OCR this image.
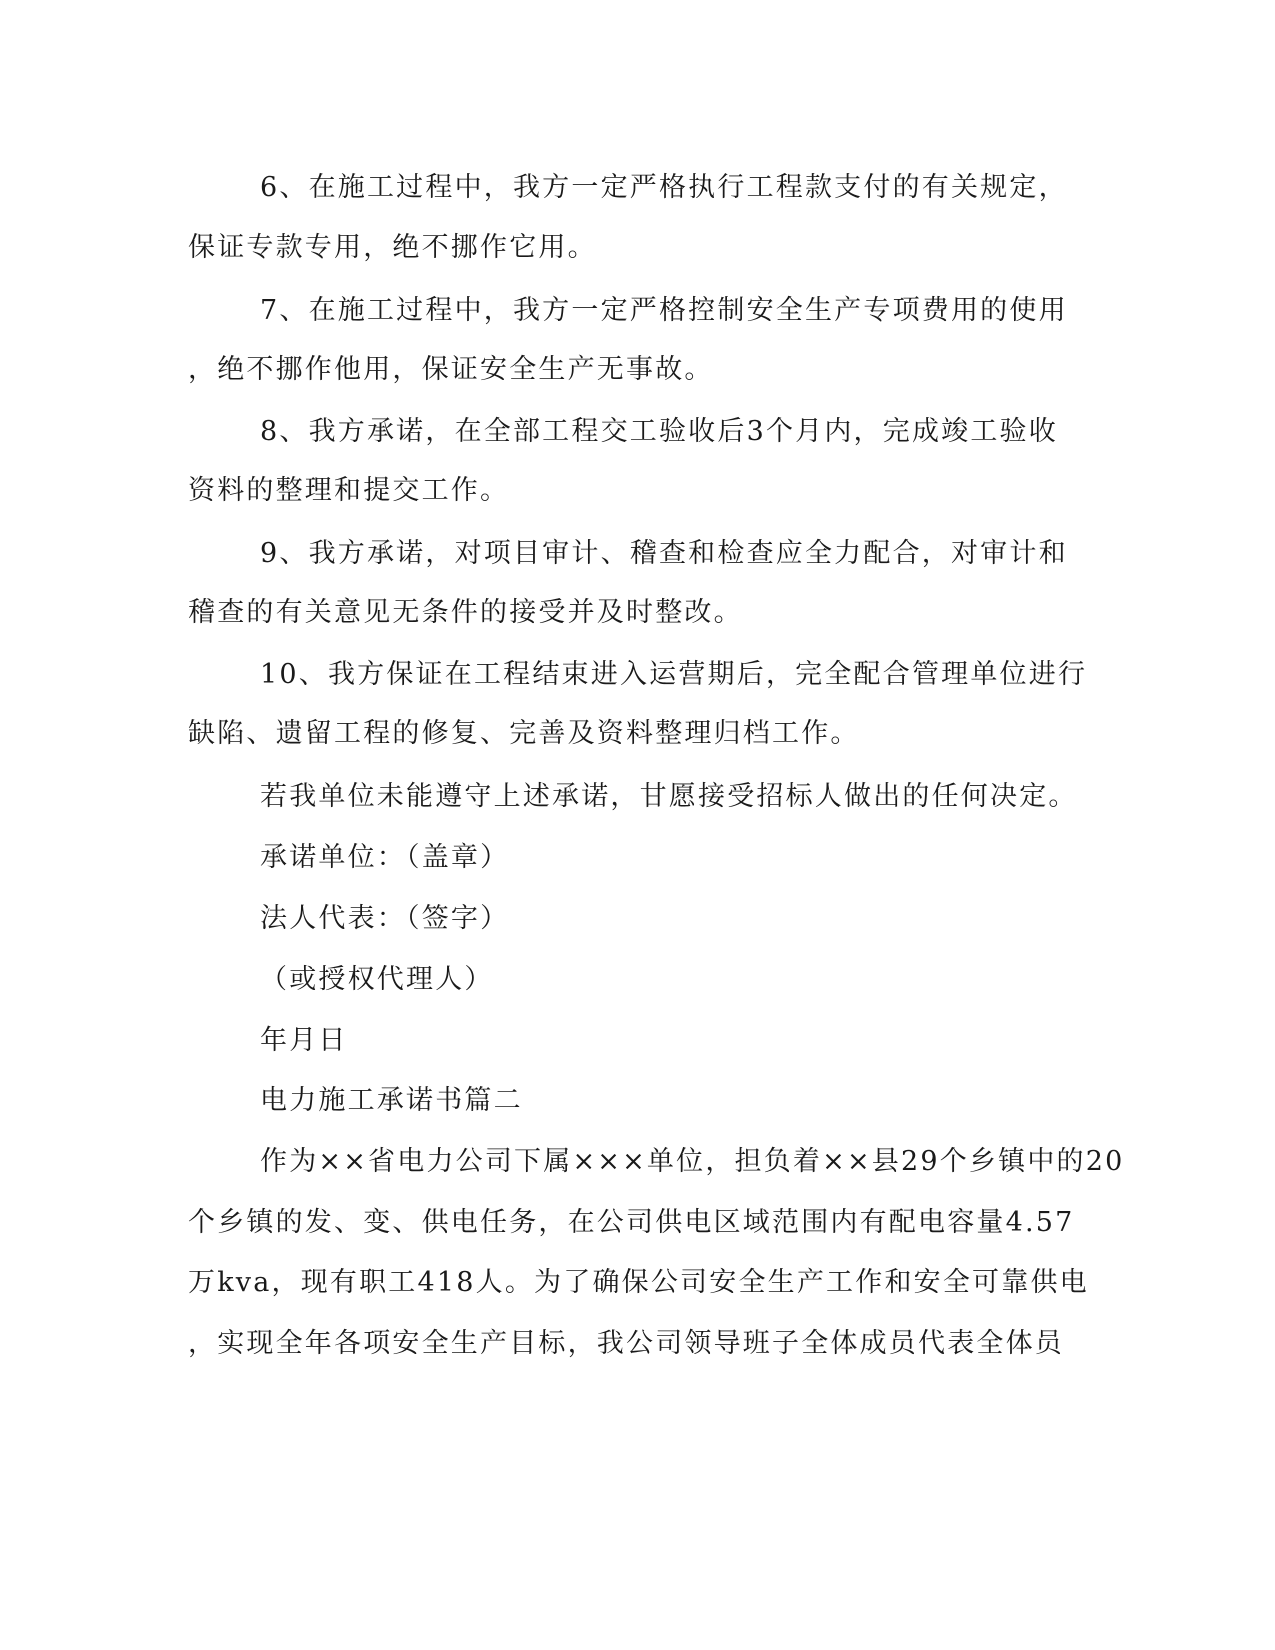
6、在施工过程中，我方一定严格执行工程款支付的有关规定，

保证专款专用，绝不挪作它用。

7、在施工过程中，我方一定严格控制安全生产专项费用的使用

，绝不挪作他用，保证安全生产无事故。

8、我方承诺，在全部工程交工验收后3个月内，完成竣工验收

资料的整理和提交工作。

9、我方承诺，对项目审计、稽查和检查应全力配合，对审计和

稽查的有关意见无条件的接受并及时整改。

10、我方保证在工程结束进入运营期后，完全配合管理单位进行

缺陷、遗留工程的修复、完善及资料整理归档工作。

若我单位未能遵守上述承诺，甘愿接受招标人做出的任何决定。

承诺单位：（盖章）

法人代表：（签字）

（或授权代理人）

年月日

电力施工承诺书篇二

作为××省电力公司下属×××单位，担负着××县29个乡镇中的20

个乡镇的发、变、供电任务，在公司供电区域范围内有配电容量4.57

万kva，现有职工418人。为了确保公司安全生产工作和安全可靠供电

，实现全年各项安全生产目标，我公司领导班子全体成员代表全体员
